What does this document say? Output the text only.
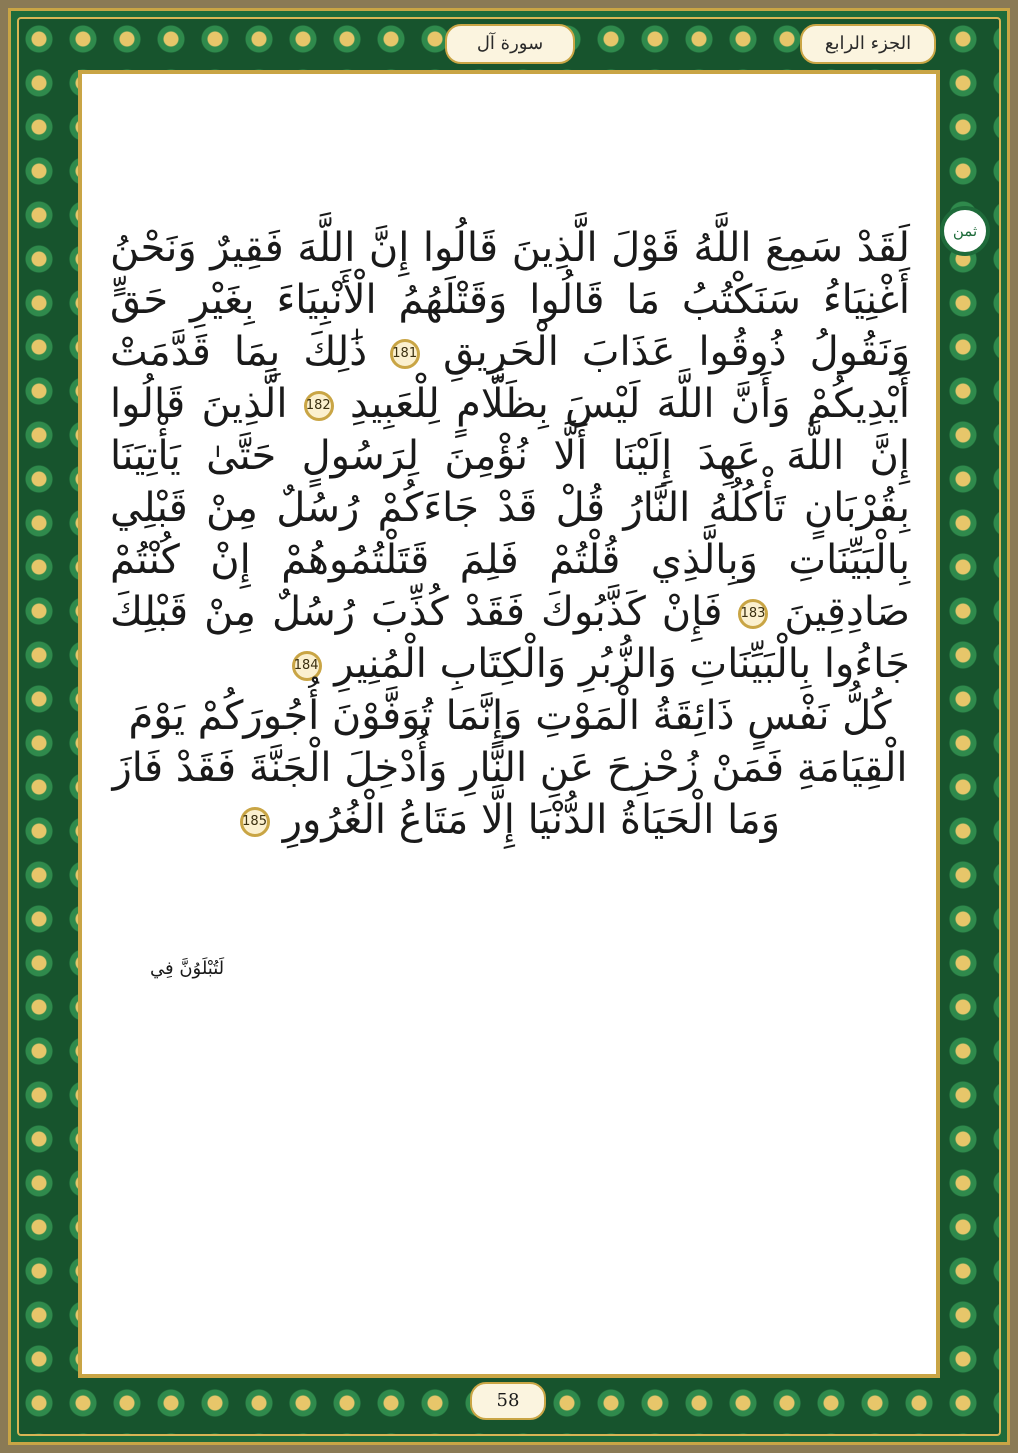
سورة آل	الجزء الرابع
ثمن

لَقَدْ سَمِعَ اللَّهُ قَوْلَ الَّذِينَ قَالُوا إِنَّ اللَّهَ فَقِيرٌ وَنَحْنُ أَغْنِيَاءُ سَنَكْتُبُ مَا قَالُوا وَقَتْلَهُمُ الْأَنْبِيَاءَ بِغَيْرِ حَقٍّ وَنَقُولُ ذُوقُوا عَذَابَ الْحَرِيقِ 181 ذَٰلِكَ بِمَا قَدَّمَتْ أَيْدِيكُمْ وَأَنَّ اللَّهَ لَيْسَ بِظَلَّامٍ لِلْعَبِيدِ 182 الَّذِينَ قَالُوا إِنَّ اللَّهَ عَهِدَ إِلَيْنَا أَلَّا نُؤْمِنَ لِرَسُولٍ حَتَّىٰ يَأْتِيَنَا بِقُرْبَانٍ تَأْكُلُهُ النَّارُ قُلْ قَدْ جَاءَكُمْ رُسُلٌ مِنْ قَبْلِي بِالْبَيِّنَاتِ وَبِالَّذِي قُلْتُمْ فَلِمَ قَتَلْتُمُوهُمْ إِنْ كُنْتُمْ صَادِقِينَ 183 فَإِنْ كَذَّبُوكَ فَقَدْ كُذِّبَ رُسُلٌ مِنْ قَبْلِكَ جَاءُوا بِالْبَيِّنَاتِ وَالزُّبُرِ وَالْكِتَابِ الْمُنِيرِ 184

كُلُّ نَفْسٍ ذَائِقَةُ الْمَوْتِ وَإِنَّمَا تُوَفَّوْنَ أُجُورَكُمْ يَوْمَ الْقِيَامَةِ فَمَنْ زُحْزِحَ عَنِ النَّارِ وَأُدْخِلَ الْجَنَّةَ فَقَدْ فَازَ وَمَا الْحَيَاةُ الدُّنْيَا إِلَّا مَتَاعُ الْغُرُورِ 185

لَتُبْلَوُنَّ فِي
58
